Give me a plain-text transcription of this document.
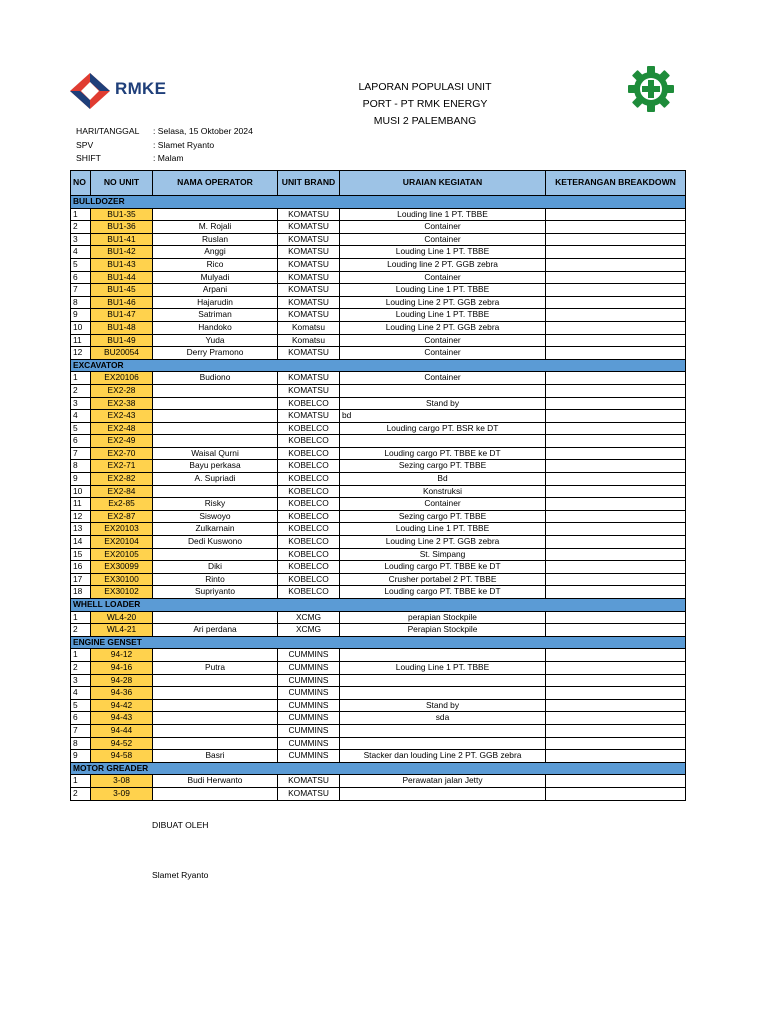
RMKE	LAPORAN POPULASI UNIT
PORT - PT RMK ENERGY
MUSI 2 PALEMBANG
HARI/TANGGAL : Selasa, 15 Oktober 2024
SPV	: Slamet Ryanto
SHIFT	: Malam
NO	NO UNIT	NAMA OPERATOR	UNIT BRAND	URAIAN KEGIATAN	KETERANGAN BREAKDOWN
BULLDOZER					
1	BU1-35		KOMATSU	Louding line 1 PT. TBBE	
2	BU1-36	M. Rojali	KOMATSU	Container	
3	BU1-41	Ruslan	KOMATSU	Container	
4	BU1-42	Anggi	KOMATSU	Louding Line 1 PT. TBBE	
5	BU1-43	Rico	KOMATSU	Louding line 2 PT. GGB zebra	
6	BU1-44	Mulyadi	KOMATSU	Container	
7	BU1-45	Arpani	KOMATSU	Louding Line 1 PT. TBBE	
8	BU1-46	Hajarudin	KOMATSU	Louding Line 2 PT. GGB zebra	
9	BU1-47	Satriman	KOMATSU	Louding Line 1 PT. TBBE	
10	BU1-48	Handoko	Komatsu	Louding Line 2 PT. GGB zebra	
11	BU1-49	Yuda	Komatsu	Container	
12	BU20054	Derry Pramono	KOMATSU	Container	
EXCAVATOR					
1	EX20106	Budiono	KOMATSU	Container	
2	EX2-28		KOMATSU		
3	EX2-38		KOBELCO	Stand by	
4	EX2-43		KOMATSU	bd	
5	EX2-48		KOBELCO	Louding cargo PT. BSR ke DT	
6	EX2-49		KOBELCO		
7	EX2-70	Waisal Qurni	KOBELCO	Louding cargo PT. TBBE ke DT	
8	EX2-71	Bayu perkasa	KOBELCO	Sezing cargo PT. TBBE	
9	EX2-82	A. Supriadi	KOBELCO	Bd	
10	EX2-84		KOBELCO	Konstruksi	
11	Ex2-85	Risky	KOBELCO	Container	
12	EX2-87	Siswoyo	KOBELCO	Sezing cargo PT. TBBE	
13	EX20103	Zulkarnain	KOBELCO	Louding Line 1 PT. TBBE	
14	EX20104	Dedi Kuswono	KOBELCO	Louding Line 2 PT. GGB zebra	
15	EX20105		KOBELCO	St. Simpang	
16	EX30099	Diki	KOBELCO	Louding cargo PT. TBBE ke DT	
17	EX30100	Rinto	KOBELCO	Crusher portabel 2 PT. TBBE	
18	EX30102	Supriyanto	KOBELCO	Louding cargo PT. TBBE ke DT	
WHELL LOADER					
1	WL4-20		XCMG	perapian Stockpile	
2	WL4-21	Ari perdana	XCMG	Perapian Stockpile	
ENGINE GENSET					
1	94-12		CUMMINS		
2	94-16	Putra	CUMMINS	Louding Line 1 PT. TBBE	
3	94-28		CUMMINS		
4	94-36		CUMMINS		
5	94-42		CUMMINS	Stand by	
6	94-43		CUMMINS	sda	
7	94-44		CUMMINS		
8	94-52		CUMMINS		
9	94-58	Basri	CUMMINS	Stacker dan louding Line 2 PT. GGB zebra	
MOTOR GREADER					
1	3-08	Budi Herwanto	KOMATSU	Perawatan jalan Jetty	
2	3-09		KOMATSU		
DIBUAT OLEH
Slamet Ryanto
